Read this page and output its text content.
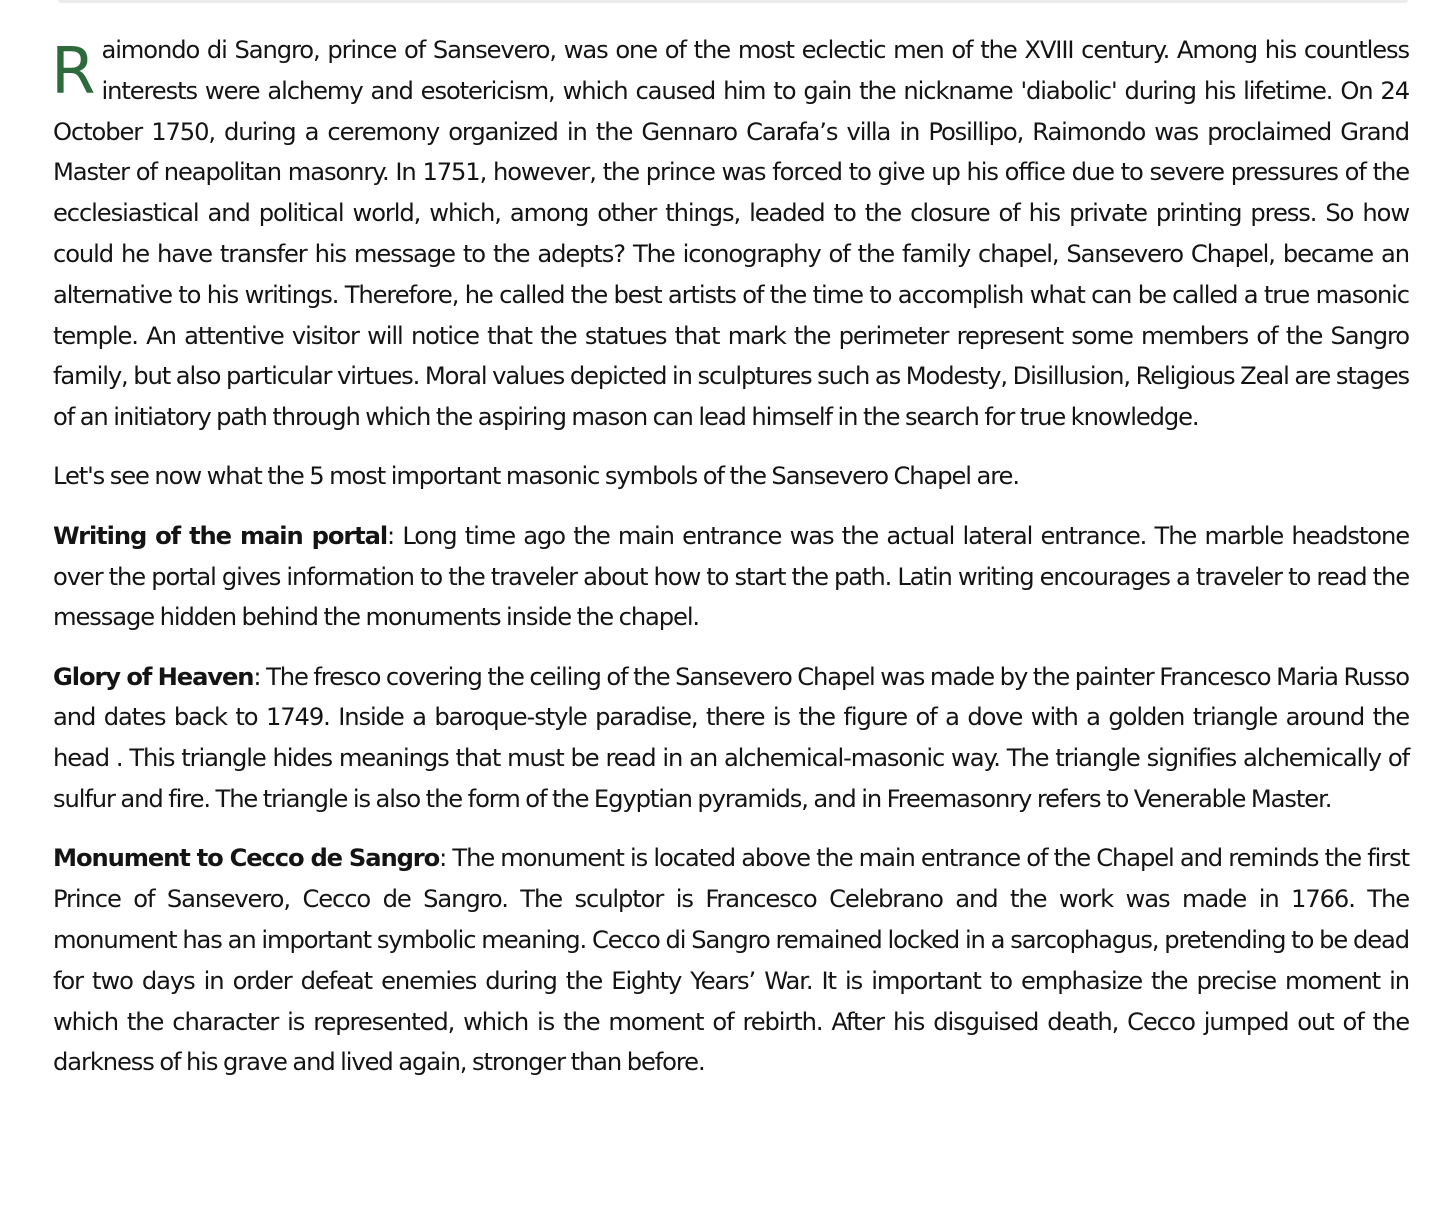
Raimondo di Sangro, prince of Sansevero, was one of the most eclectic men of the XVIII century. Among his countless interests were alchemy and esotericism, which caused him to gain the nickname 'diabolic' during his lifetime. On 24 October 1750, during a ceremony organized in the Gennaro Carafa’s villa in Posillipo, Raimondo was proclaimed Grand Master of neapolitan masonry. In 1751, however, the prince was forced to give up his office due to severe pressures of the ecclesiastical and political world, which, among other things, leaded to the closure of his private printing press. So how could he have transfer his message to the adepts? The iconography of the family chapel, Sansevero Chapel, became an alternative to his writings. Therefore, he called the best artists of the time to accomplish what can be called a true masonic temple. An attentive visitor will notice that the statues that mark the perimeter represent some members of the Sangro family, but also particular virtues. Moral values depicted in sculptures such as Modesty, Disillusion, Religious Zeal are stages of an initiatory path through which the aspiring mason can lead himself in the search for true knowledge.

Let's see now what the 5 most important masonic symbols of the Sansevero Chapel are.

Writing of the main portal: Long time ago the main entrance was the actual lateral entrance. The marble headstone over the portal gives information to the traveler about how to start the path. Latin writing encourages a traveler to read the message hidden behind the monuments inside the chapel.

Glory of Heaven: The fresco covering the ceiling of the Sansevero Chapel was made by the painter Francesco Maria Russo and dates back to 1749. Inside a baroque-style paradise, there is the figure of a dove with a golden triangle around the head . This triangle hides meanings that must be read in an alchemical-masonic way. The triangle signifies alchemically of sulfur and fire. The triangle is also the form of the Egyptian pyramids, and in Freemasonry refers to Venerable Master.

Monument to Cecco de Sangro: The monument is located above the main entrance of the Chapel and reminds the first Prince of Sansevero, Cecco de Sangro. The sculptor is Francesco Celebrano and the work was made in 1766. The monument has an important symbolic meaning. Cecco di Sangro remained locked in a sarcophagus, pretending to be dead for two days in order defeat enemies during the Eighty Years’ War. It is important to emphasize the precise moment in which the character is represented, which is the moment of rebirth. After his disguised death, Cecco jumped out of the darkness of his grave and lived again, stronger than before.
